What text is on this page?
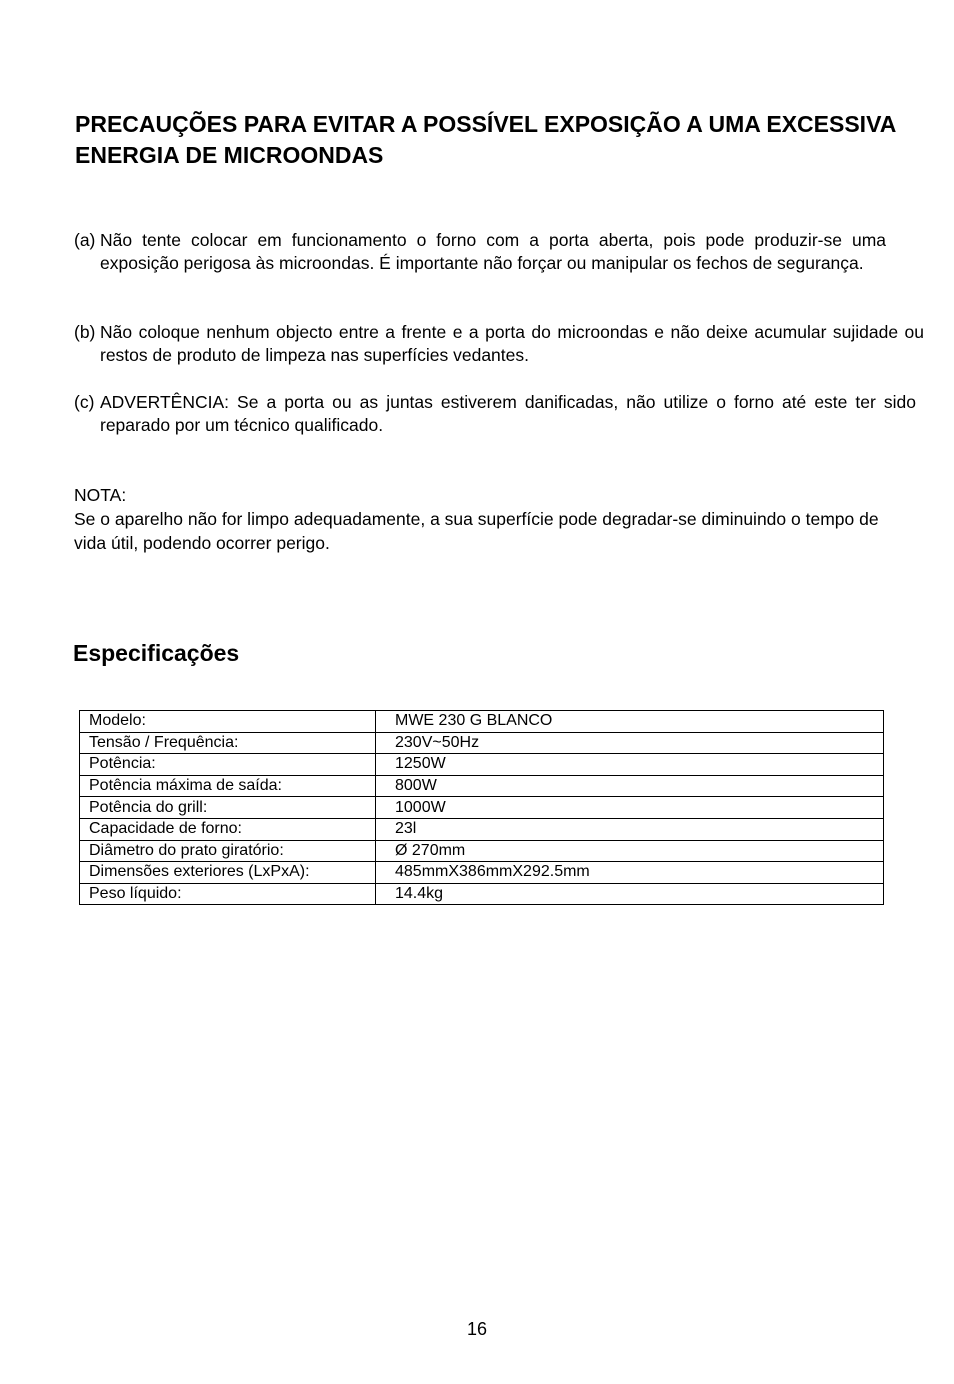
PRECAUÇÕES PARA EVITAR A POSSÍVEL EXPOSIÇÃO A UMA EXCESSIVA ENERGIA DE MICROONDAS
(a) Não tente colocar em funcionamento o forno com a porta aberta, pois pode produzir-se uma exposição perigosa às microondas. É importante não forçar ou manipular os fechos de segurança.
(b) Não coloque nenhum objecto entre a frente e a porta do microondas e não deixe acumular sujidade ou restos de produto de limpeza nas superfícies vedantes.
(c) ADVERTÊNCIA: Se a porta ou as juntas estiverem danificadas, não utilize o forno até este ter sido reparado por um técnico qualificado.
NOTA:
Se o aparelho não for limpo adequadamente, a sua superfície pode degradar-se diminuindo o tempo de vida útil, podendo ocorrer perigo.
Especificações
Modelo:	MWE 230 G BLANCO
Tensão / Frequência:	230V~50Hz
Potência:	1250W
Potência máxima de saída:	800W
Potência do grill:	1000W
Capacidade de forno:	23l
Diâmetro do prato giratório:	Ø 270mm
Dimensões exteriores (LxPxA):	485mmX386mmX292.5mm
Peso líquido:	14.4kg
16
